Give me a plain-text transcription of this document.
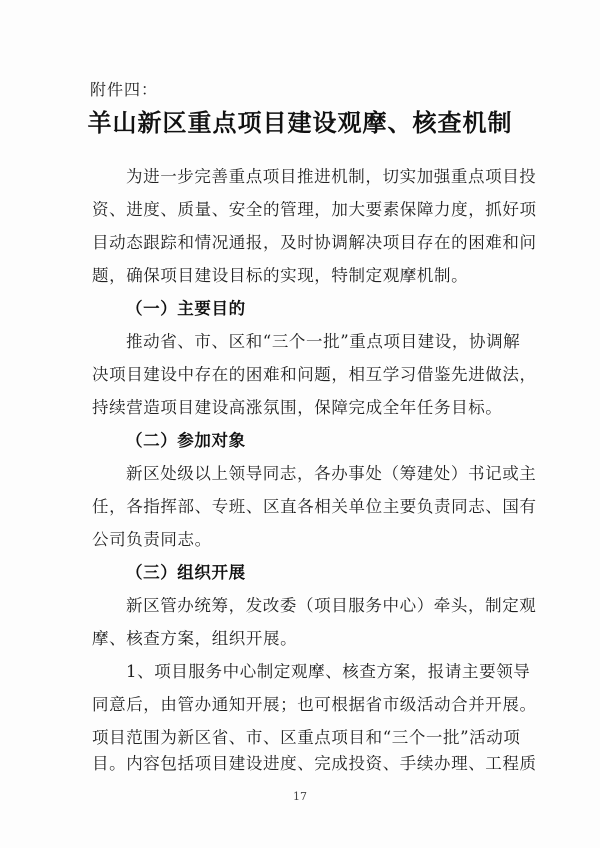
附件四：
羊山新区重点项目建设观摩、核查机制
为进一步完善重点项目推进机制，切实加强重点项目投
资、进度、质量、安全的管理，加大要素保障力度，抓好项
目动态跟踪和情况通报，及时协调解决项目存在的困难和问
题，确保项目建设目标的实现，特制定观摩机制。
（一）主要目的
推动省、市、区和“三个一批”重点项目建设，协调解
决项目建设中存在的困难和问题，相互学习借鉴先进做法，
持续营造项目建设高涨氛围，保障完成全年任务目标。
（二）参加对象
新区处级以上领导同志，各办事处（筹建处）书记或主
任，各指挥部、专班、区直各相关单位主要负责同志、国有
公司负责同志。
（三）组织开展
新区管办统筹，发改委（项目服务中心）牵头，制定观
摩、核查方案，组织开展。
1、项目服务中心制定观摩、核查方案，报请主要领导
同意后，由管办通知开展；也可根据省市级活动合并开展。
项目范围为新区省、市、区重点项目和“三个一批”活动项
目。内容包括项目建设进度、完成投资、手续办理、工程质
17
